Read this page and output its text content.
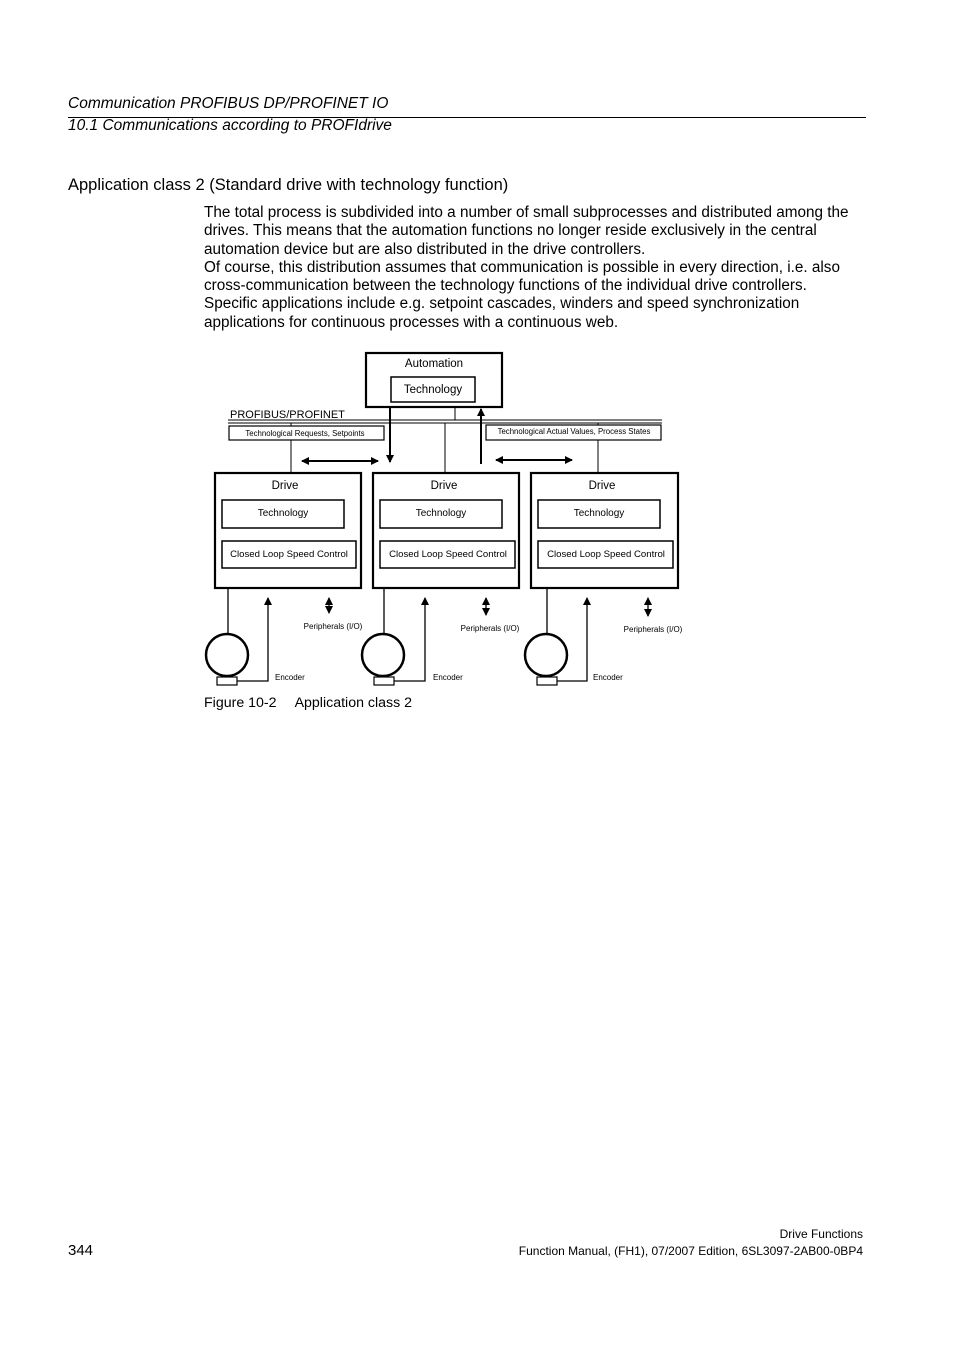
Communication PROFIBUS DP/PROFINET IO
10.1 Communications according to PROFIdrive
Application class 2 (Standard drive with technology function)

The total process is subdivided into a number of small subprocesses and distributed among the drives. This means that the automation functions no longer reside exclusively in the central automation device but are also distributed in the drive controllers.

Of course, this distribution assumes that communication is possible in every direction, i.e. also cross-communication between the technology functions of the individual drive controllers. Specific applications include e.g. setpoint cascades, winders and speed synchronization applications for continuous processes with a continuous web.

Automation
Technology
PROFIBUS/PROFINET
Technological Requests, Setpoints	Technological Actual Values, Process States
Drive
Technology
Closed Loop Speed Control
Encoder
Peripherals (I/O)
Drive
Technology
Closed Loop Speed Control
Encoder
Peripherals (I/O)
Drive
Technology
Closed Loop Speed Control
Encoder
Peripherals (I/O)
Figure 10-2 Application class 2
344
Drive Functions
Function Manual, (FH1), 07/2007 Edition, 6SL3097-2AB00-0BP4
